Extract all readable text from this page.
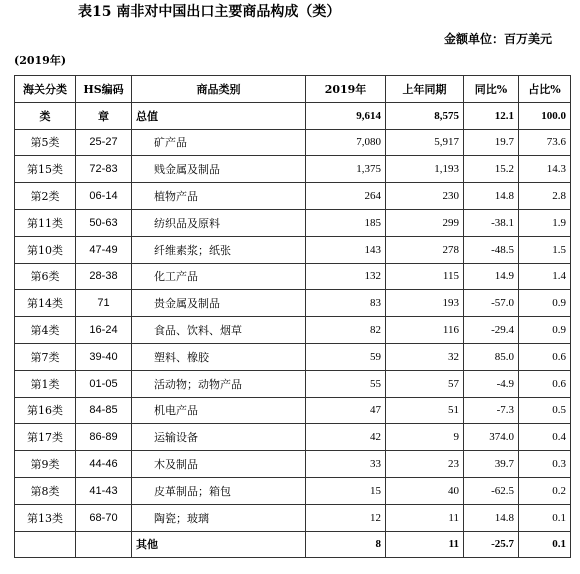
表15 南非对中国出口主要商品构成（类）
金额单位：百万美元
(2019年)
海关分类	HS编码	商品类别	2019年	上年同期	同比%	占比%
类	章	总值	9,614	8,575	12.1	100.0
第5类	25-27	矿产品	7,080	5,917	19.7	73.6
第15类	72-83	贱金属及制品	1,375	1,193	15.2	14.3
第2类	06-14	植物产品	264	230	14.8	2.8
第11类	50-63	纺织品及原料	185	299	-38.1	1.9
第10类	47-49	纤维素浆；纸张	143	278	-48.5	1.5
第6类	28-38	化工产品	132	115	14.9	1.4
第14类	71	贵金属及制品	83	193	-57.0	0.9
第4类	16-24	食品、饮料、烟草	82	116	-29.4	0.9
第7类	39-40	塑料、橡胶	59	32	85.0	0.6
第1类	01-05	活动物；动物产品	55	57	-4.9	0.6
第16类	84-85	机电产品	47	51	-7.3	0.5
第17类	86-89	运输设备	42	9	374.0	0.4
第9类	44-46	木及制品	33	23	39.7	0.3
第8类	41-43	皮革制品；箱包	15	40	-62.5	0.2
第13类	68-70	陶瓷；玻璃	12	11	14.8	0.1
		其他	8	11	-25.7	0.1
